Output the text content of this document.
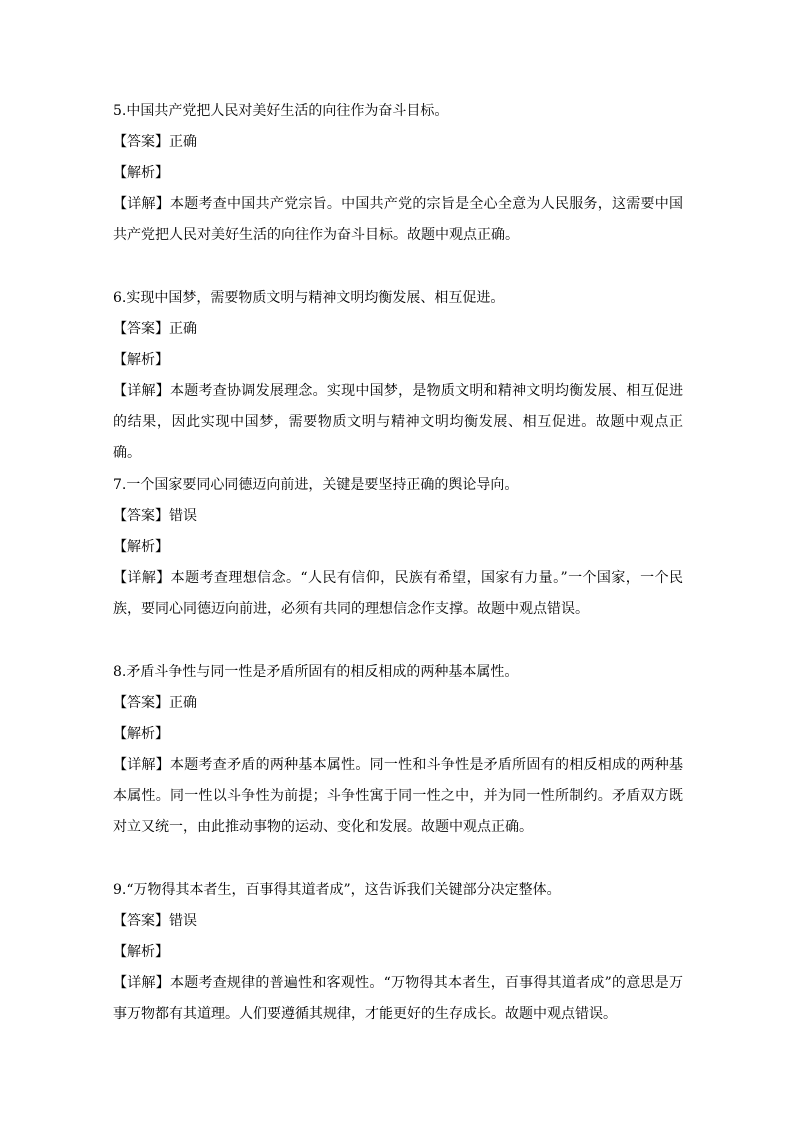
5.中国共产党把人民对美好生活的向往作为奋斗目标。
【答案】正确
【解析】
【详解】本题考查中国共产党宗旨。中国共产党的宗旨是全心全意为人民服务，这需要中国共产党把人民对美好生活的向往作为奋斗目标。故题中观点正确。
6.实现中国梦，需要物质文明与精神文明均衡发展、相互促进。
【答案】正确
【解析】
【详解】本题考查协调发展理念。实现中国梦，是物质文明和精神文明均衡发展、相互促进的结果，因此实现中国梦，需要物质文明与精神文明均衡发展、相互促进。故题中观点正确。
7.一个国家要同心同德迈向前进，关键是要坚持正确的舆论导向。
【答案】错误
【解析】
【详解】本题考查理想信念。“人民有信仰，民族有希望，国家有力量。”一个国家，一个民族，要同心同德迈向前进，必须有共同的理想信念作支撑。故题中观点错误。
8.矛盾斗争性与同一性是矛盾所固有的相反相成的两种基本属性。
【答案】正确
【解析】
【详解】本题考查矛盾的两种基本属性。同一性和斗争性是矛盾所固有的相反相成的两种基本属性。同一性以斗争性为前提；斗争性寓于同一性之中，并为同一性所制约。矛盾双方既对立又统一，由此推动事物的运动、变化和发展。故题中观点正确。
9.“万物得其本者生，百事得其道者成”，这告诉我们关键部分决定整体。
【答案】错误
【解析】
【详解】本题考查规律的普遍性和客观性。“万物得其本者生，百事得其道者成”的意思是万事万物都有其道理。人们要遵循其规律，才能更好的生存成长。故题中观点错误。
